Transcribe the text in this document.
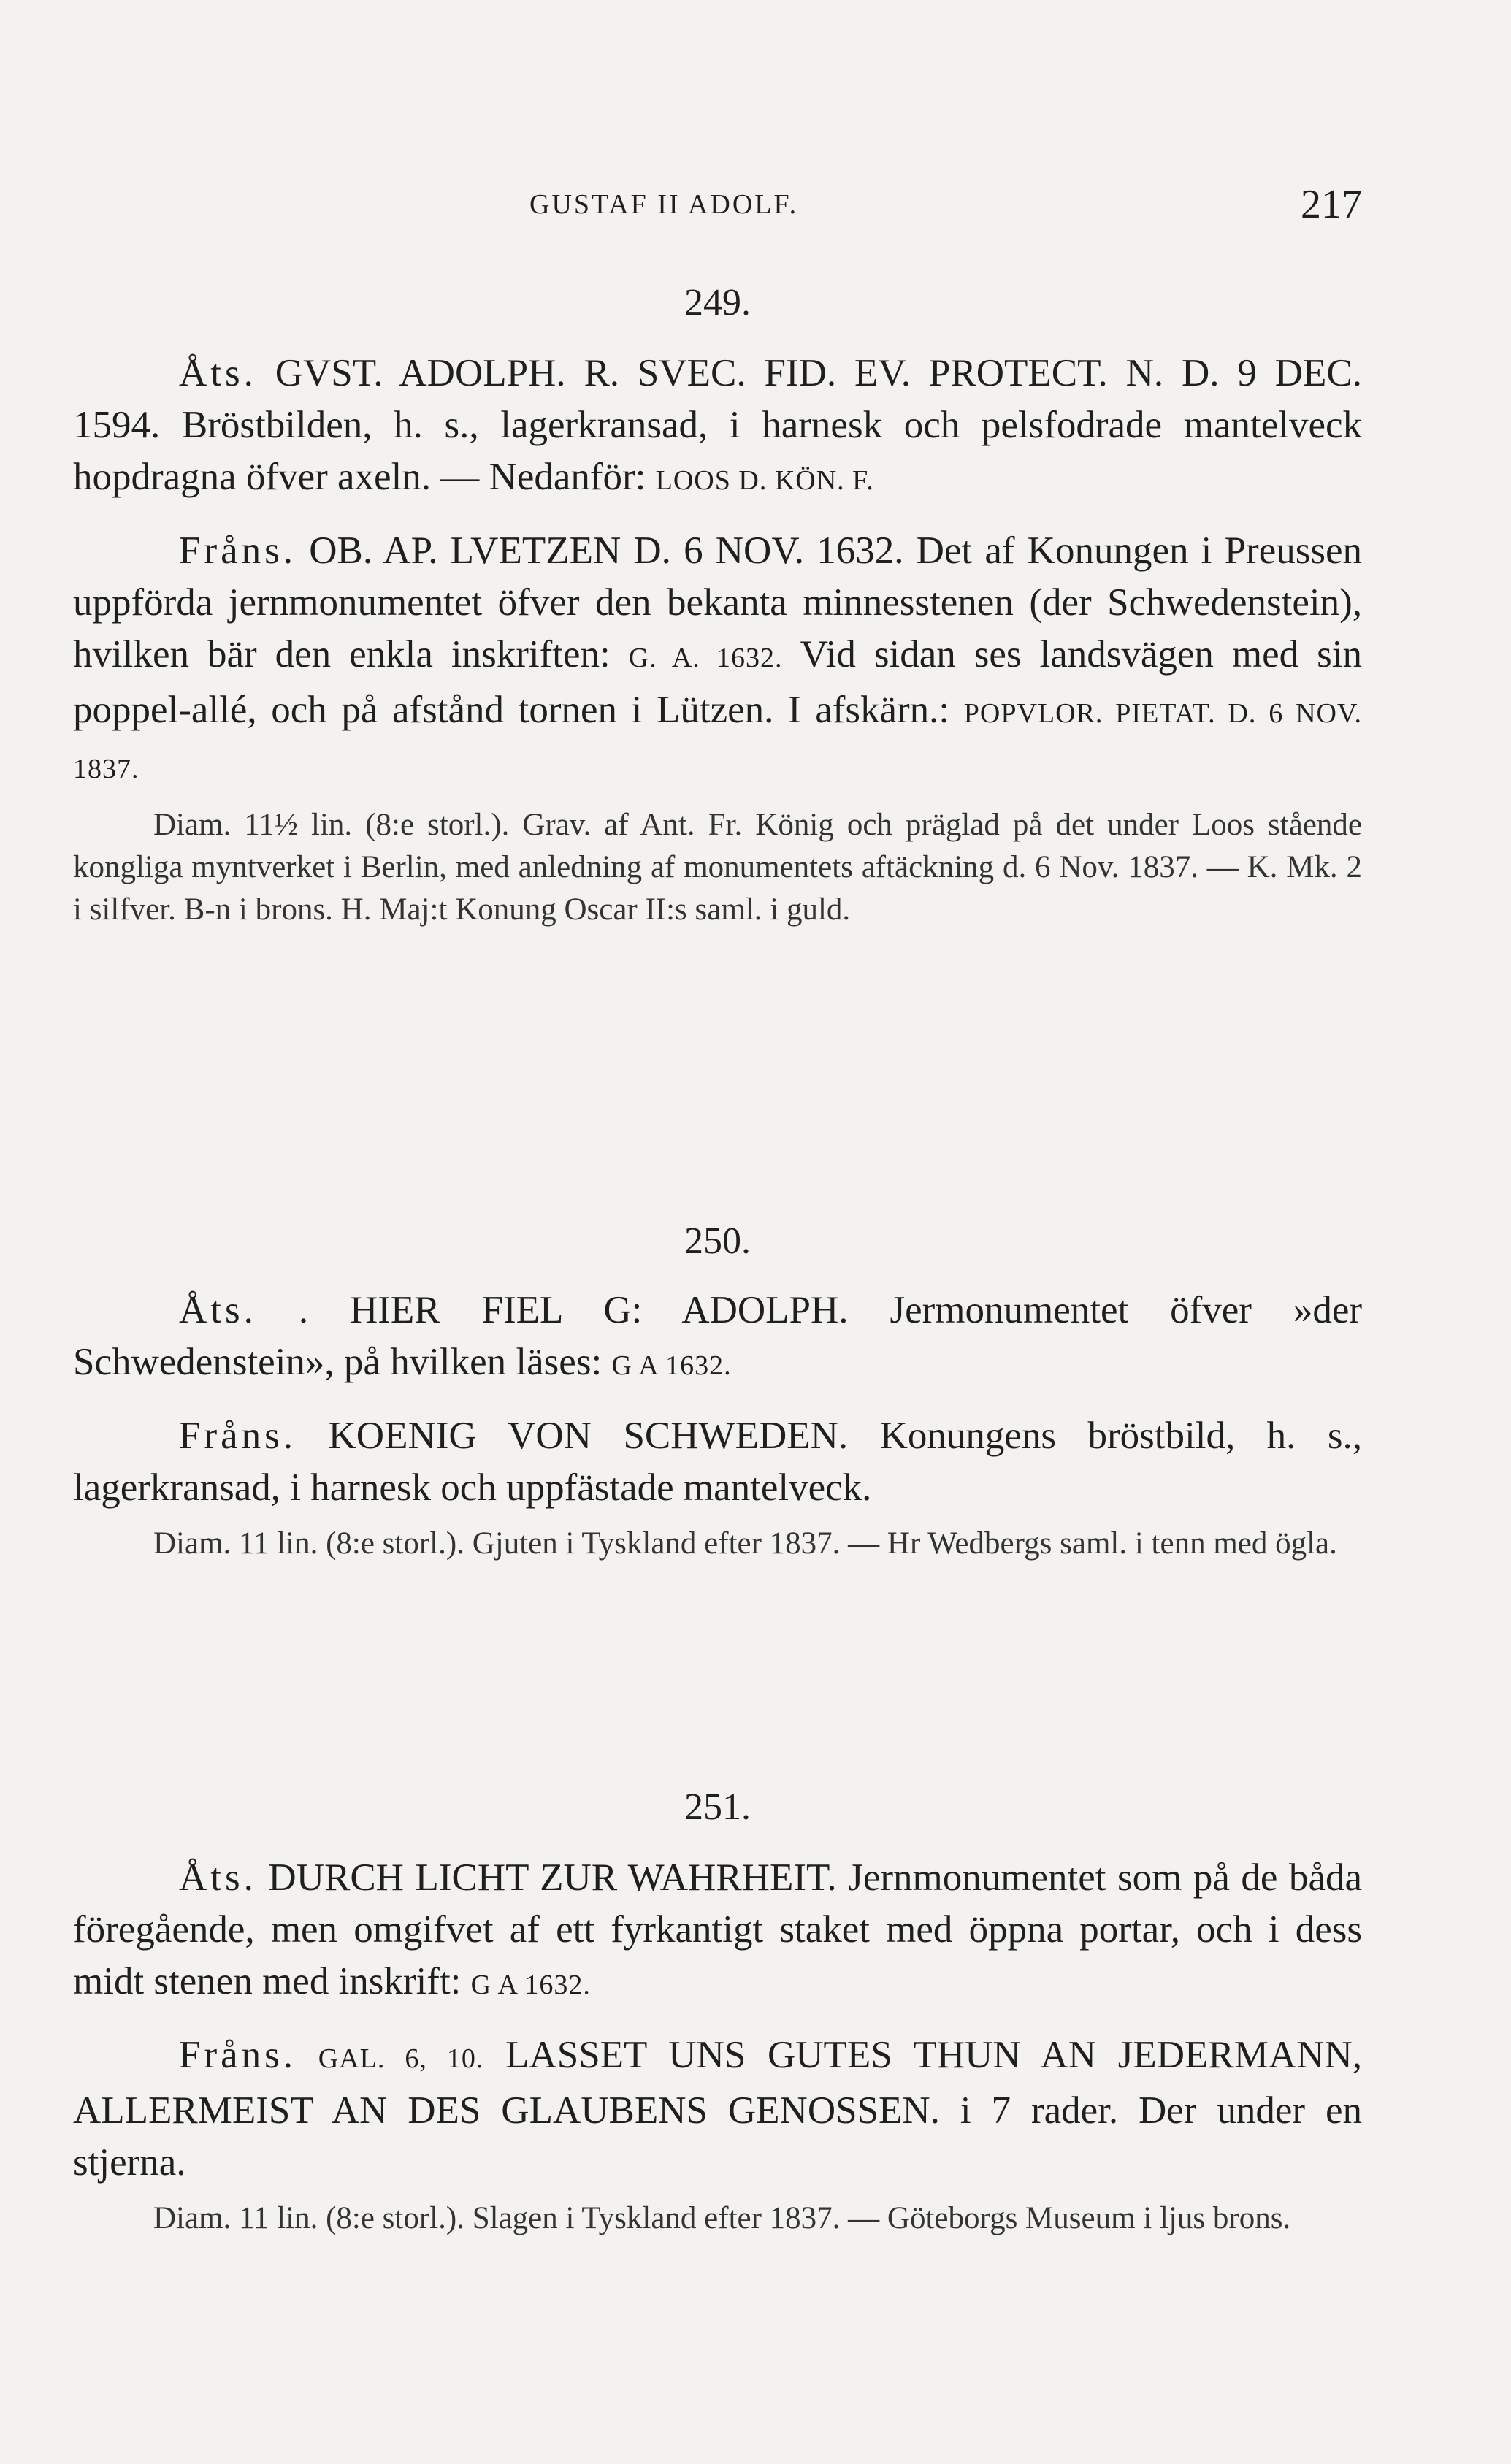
GUSTAF II ADOLF.	217
249.

Åts. GVST. ADOLPH. R. SVEC. FID. EV. PROTECT. N. D. 9 DEC. 1594. Bröstbilden, h. s., lagerkransad, i harnesk och pelsfodrade mantelveck hopdragna öfver axeln. — Nedanför: LOOS D. KÖN. F.

Fråns. OB. AP. LVETZEN D. 6 NOV. 1632. Det af Konungen i Preussen uppförda jernmonumentet öfver den bekanta minnesstenen (der Schwedenstein), hvilken bär den enkla inskriften: G. A. 1632. Vid sidan ses landsvägen med sin poppel-allé, och på afstånd tornen i Lützen. I afskärn.: POPVLOR. PIETAT. D. 6 NOV. 1837.

Diam. 11½ lin. (8:e storl.). Grav. af Ant. Fr. König och präglad på det under Loos stående kongliga myntverket i Berlin, med anledning af monumentets aftäckning d. 6 Nov. 1837. — K. Mk. 2 i silfver. B-n i brons. H. Maj:t Konung Oscar II:s saml. i guld.

250.

Åts. . HIER FIEL G: ADOLPH. Jermonumentet öfver »der Schwedenstein», på hvilken läses: G A 1632.

Fråns. KOENIG VON SCHWEDEN. Konungens bröstbild, h. s., lagerkransad, i harnesk och uppfästade mantelveck.

Diam. 11 lin. (8:e storl.). Gjuten i Tyskland efter 1837. — Hr Wedbergs saml. i tenn med ögla.

251.

Åts. DURCH LICHT ZUR WAHRHEIT. Jernmonumentet som på de båda föregående, men omgifvet af ett fyrkantigt staket med öppna portar, och i dess midt stenen med inskrift: G A 1632.

Fråns. GAL. 6, 10. LASSET UNS GUTES THUN AN JEDERMANN, ALLERMEIST AN DES GLAUBENS GENOSSEN. i 7 rader. Der under en stjerna.

Diam. 11 lin. (8:e storl.). Slagen i Tyskland efter 1837. — Göteborgs Museum i ljus brons.
